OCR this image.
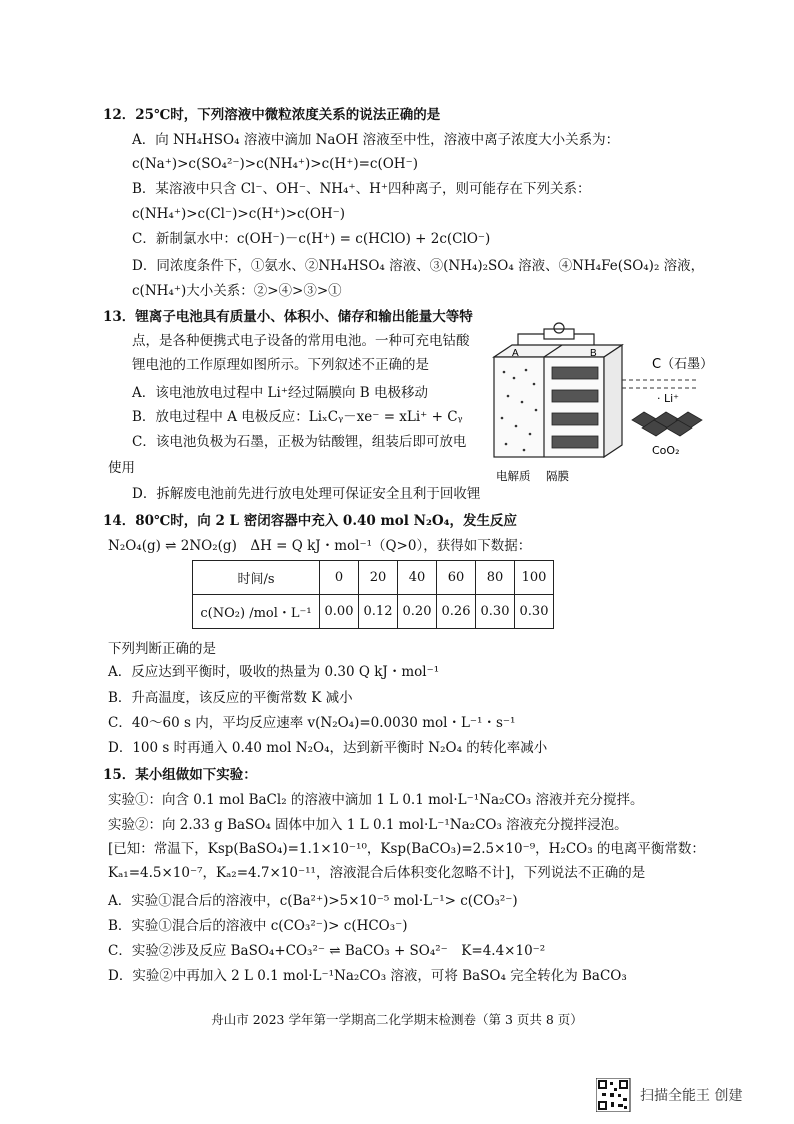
12．25℃时，下列溶液中微粒浓度关系的说法正确的是
A．向 NH₄HSO₄ 溶液中滴加 NaOH 溶液至中性，溶液中离子浓度大小关系为：
c(Na⁺)>c(SO₄²⁻)>c(NH₄⁺)>c(H⁺)=c(OH⁻)
B．某溶液中只含 Cl⁻、OH⁻、NH₄⁺、H⁺四种离子，则可能存在下列关系：
c(NH₄⁺)>c(Cl⁻)>c(H⁺)>c(OH⁻)
C．新制氯水中：c(OH⁻)－c(H⁺) = c(HClO) + 2c(ClO⁻)
D．同浓度条件下，①氨水、②NH₄HSO₄ 溶液、③(NH₄)₂SO₄ 溶液、④NH₄Fe(SO₄)₂ 溶液，
c(NH₄⁺)大小关系：②>④>③>①
13．锂离子电池具有质量小、体积小、储存和输出能量大等特
点，是各种便携式电子设备的常用电池。一种可充电钴酸
锂电池的工作原理如图所示。下列叙述不正确的是
A．该电池放电过程中 Li⁺经过隔膜向 B 电极移动
B．放电过程中 A 电极反应：LiₓCᵧ－xe⁻ = xLi⁺ + Cᵧ
C．该电池负极为石墨，正极为钴酸锂，组装后即可放电
使用
D．拆解废电池前先进行放电处理可保证安全且利于回收锂
A	B
C（石墨）
· Li⁺
CoO₂
电解质 隔膜
14．80℃时，向 2 L 密闭容器中充入 0.40 mol N₂O₄，发生反应
N₂O₄(g) ⇌ 2NO₂(g)　ΔH = Q kJ・mol⁻¹（Q>0），获得如下数据：
时间/s	0	20	40	60	80	100
c(NO₂) /mol・L⁻¹	0.00	0.12	0.20	0.26	0.30	0.30
下列判断正确的是
A．反应达到平衡时，吸收的热量为 0.30 Q kJ・mol⁻¹
B．升高温度，该反应的平衡常数 K 减小
C．40～60 s 内，平均反应速率 v(N₂O₄)=0.0030 mol・L⁻¹・s⁻¹
D．100 s 时再通入 0.40 mol N₂O₄，达到新平衡时 N₂O₄ 的转化率减小
15．某小组做如下实验：
实验①：向含 0.1 mol BaCl₂ 的溶液中滴加 1 L 0.1 mol·L⁻¹Na₂CO₃ 溶液并充分搅拌。
实验②：向 2.33 g BaSO₄ 固体中加入 1 L 0.1 mol·L⁻¹Na₂CO₃ 溶液充分搅拌浸泡。
[已知：常温下，Ksp(BaSO₄)=1.1×10⁻¹⁰，Ksp(BaCO₃)=2.5×10⁻⁹，H₂CO₃ 的电离平衡常数：
Kₐ₁=4.5×10⁻⁷，Kₐ₂=4.7×10⁻¹¹，溶液混合后体积变化忽略不计]，下列说法不正确的是
A．实验①混合后的溶液中，c(Ba²⁺)>5×10⁻⁵ mol·L⁻¹> c(CO₃²⁻)
B．实验①混合后的溶液中 c(CO₃²⁻)> c(HCO₃⁻)
C．实验②涉及反应 BaSO₄+CO₃²⁻ ⇌ BaCO₃ + SO₄²⁻　K=4.4×10⁻²
D．实验②中再加入 2 L 0.1 mol·L⁻¹Na₂CO₃ 溶液，可将 BaSO₄ 完全转化为 BaCO₃
舟山市 2023 学年第一学期高二化学期末检测卷（第 3 页共 8 页）
扫描全能王 创建
